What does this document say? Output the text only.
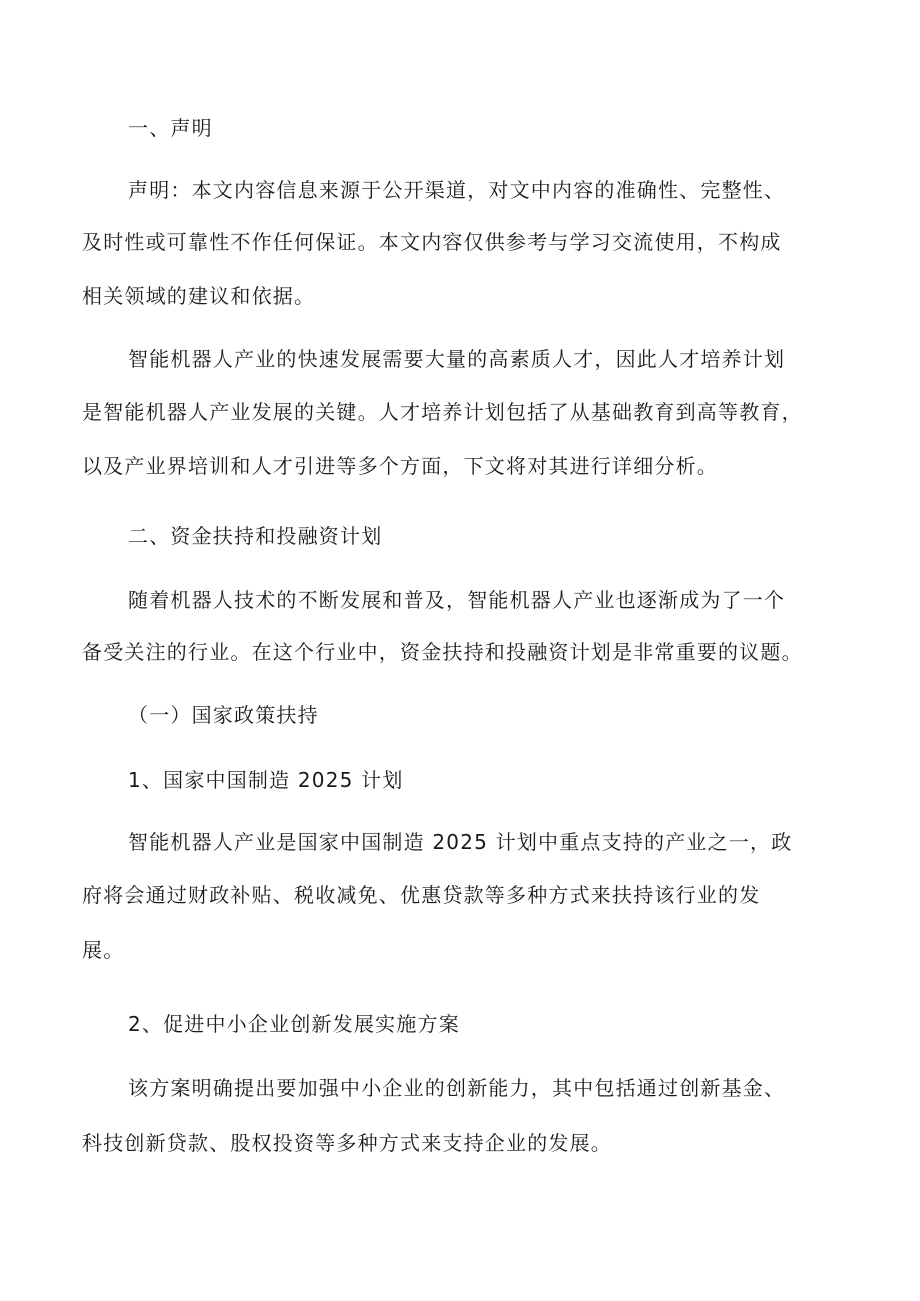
一、声明
声明：本文内容信息来源于公开渠道，对文中内容的准确性、完整性、
及时性或可靠性不作任何保证。本文内容仅供参考与学习交流使用，不构成
相关领域的建议和依据。
智能机器人产业的快速发展需要大量的高素质人才，因此人才培养计划
是智能机器人产业发展的关键。人才培养计划包括了从基础教育到高等教育，
以及产业界培训和人才引进等多个方面，下文将对其进行详细分析。
二、资金扶持和投融资计划
随着机器人技术的不断发展和普及，智能机器人产业也逐渐成为了一个
备受关注的行业。在这个行业中，资金扶持和投融资计划是非常重要的议题。
（一）国家政策扶持
1、国家中国制造 2025 计划
智能机器人产业是国家中国制造 2025 计划中重点支持的产业之一，政
府将会通过财政补贴、税收减免、优惠贷款等多种方式来扶持该行业的发
展。
2、促进中小企业创新发展实施方案
该方案明确提出要加强中小企业的创新能力，其中包括通过创新基金、
科技创新贷款、股权投资等多种方式来支持企业的发展。
